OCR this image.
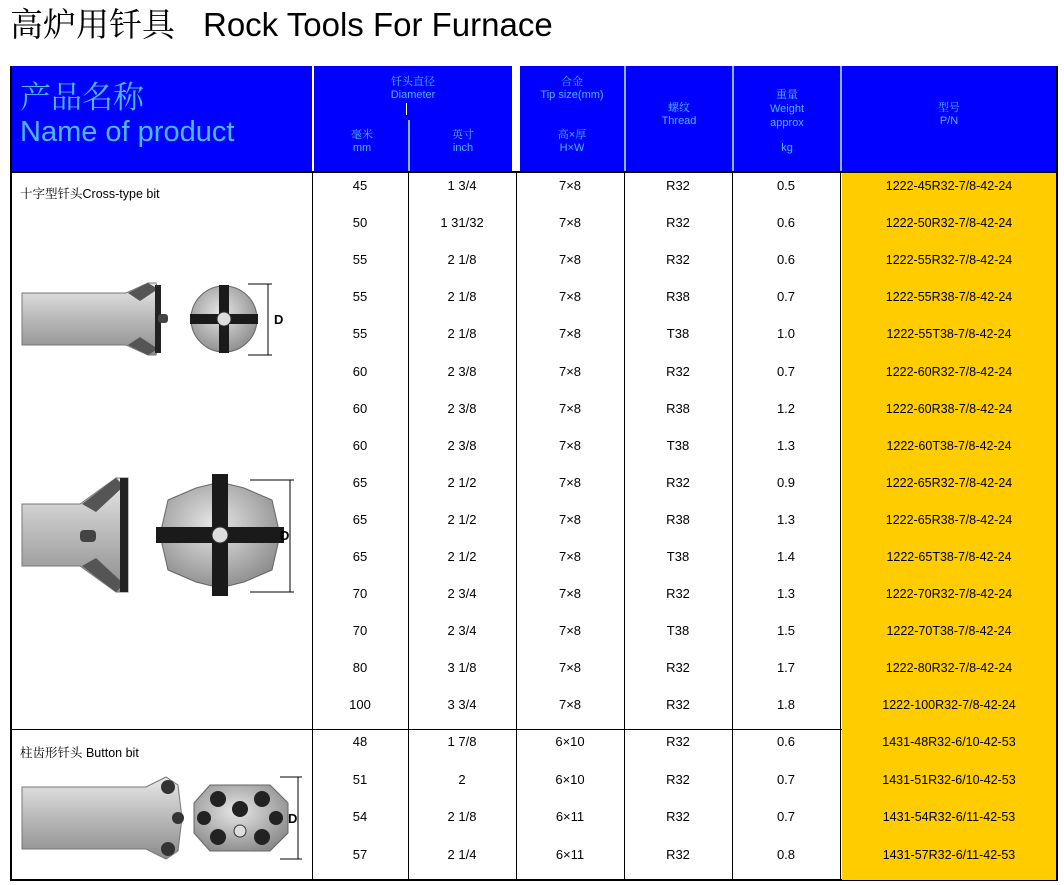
高炉用钎具 Rock Tools For Furnace
产品名称
Name of product
钎头直径
Diameter
毫米
mm
英寸
inch
合金
Tip size(mm)
高×厚
H×W
螺纹
Thread
重量
Weight
approx
kg
型号
P/N
十字型钎头Cross-type bit
柱齿形钎头 Button bit
D
D
D
45	1 3/4	7×8	R32	0.5	1222-45R32-7/8-42-24
50	1 31/32	7×8	R32	0.6	1222-50R32-7/8-42-24
55	2 1/8	7×8	R32	0.6	1222-55R32-7/8-42-24
55	2 1/8	7×8	R38	0.7	1222-55R38-7/8-42-24
55	2 1/8	7×8	T38	1.0	1222-55T38-7/8-42-24
60	2 3/8	7×8	R32	0.7	1222-60R32-7/8-42-24
60	2 3/8	7×8	R38	1.2	1222-60R38-7/8-42-24
60	2 3/8	7×8	T38	1.3	1222-60T38-7/8-42-24
65	2 1/2	7×8	R32	0.9	1222-65R32-7/8-42-24
65	2 1/2	7×8	R38	1.3	1222-65R38-7/8-42-24
65	2 1/2	7×8	T38	1.4	1222-65T38-7/8-42-24
70	2 3/4	7×8	R32	1.3	1222-70R32-7/8-42-24
70	2 3/4	7×8	T38	1.5	1222-70T38-7/8-42-24
80	3 1/8	7×8	R32	1.7	1222-80R32-7/8-42-24
100	3 3/4	7×8	R32	1.8	1222-100R32-7/8-42-24
48	1 7/8	6×10	R32	0.6	1431-48R32-6/10-42-53
51	2	6×10	R32	0.7	1431-51R32-6/10-42-53
54	2 1/8	6×11	R32	0.7	1431-54R32-6/11-42-53
57	2 1/4	6×11	R32	0.8	1431-57R32-6/11-42-53
